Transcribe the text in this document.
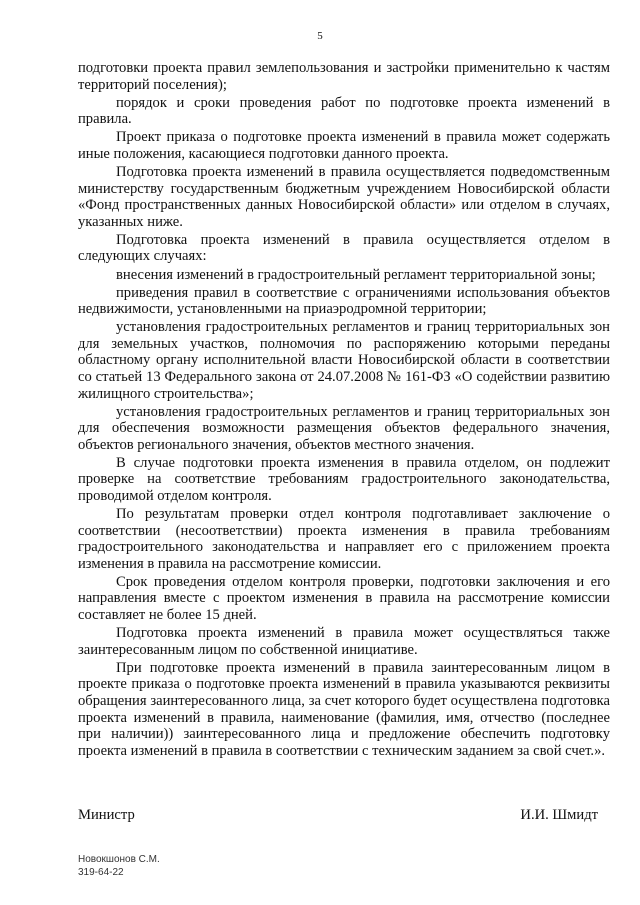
5

подготовки проекта правил землепользования и застройки применительно к частям территорий поселения);

порядок и сроки проведения работ по подготовке проекта изменений в правила.

Проект приказа о подготовке проекта изменений в правила может содержать иные положения, касающиеся подготовки данного проекта.

Подготовка проекта изменений в правила осуществляется подведомственным министерству государственным бюджетным учреждением Новосибирской области «Фонд пространственных данных Новосибирской области» или отделом в случаях, указанных ниже.

Подготовка проекта изменений в правила осуществляется отделом в следующих случаях:

внесения изменений в градостроительный регламент территориальной зоны;

приведения правил в соответствие с ограничениями использования объектов недвижимости, установленными на приаэродромной территории;

установления градостроительных регламентов и границ территориальных зон для земельных участков, полномочия по распоряжению которыми переданы областному органу исполнительной власти Новосибирской области в соответствии со статьей 13 Федерального закона от 24.07.2008 № 161-ФЗ «О содействии развитию жилищного строительства»;

установления градостроительных регламентов и границ территориальных зон для обеспечения возможности размещения объектов федерального значения, объектов регионального значения, объектов местного значения.

В случае подготовки проекта изменения в правила отделом, он подлежит проверке на соответствие требованиям градостроительного законодательства, проводимой отделом контроля.

По результатам проверки отдел контроля подготавливает заключение о соответствии (несоответствии) проекта изменения в правила требованиям градостроительного законодательства и направляет его с приложением проекта изменения в правила на рассмотрение комиссии.

Срок проведения отделом контроля проверки, подготовки заключения и его направления вместе с проектом изменения в правила на рассмотрение комиссии составляет не более 15 дней.

Подготовка проекта изменений в правила может осуществляться также заинтересованным лицом по собственной инициативе.

При подготовке проекта изменений в правила заинтересованным лицом в проекте приказа о подготовке проекта изменений в правила указываются реквизиты обращения заинтересованного лица, за счет которого будет осуществлена подготовка проекта изменений в правила, наименование (фамилия, имя, отчество (последнее при наличии)) заинтересованного лица и предложение обеспечить подготовку проекта изменений в правила в соответствии с техническим заданием за свой счет.».

Министр	И.И. Шмидт
Новокшонов С.М.
319-64-22
